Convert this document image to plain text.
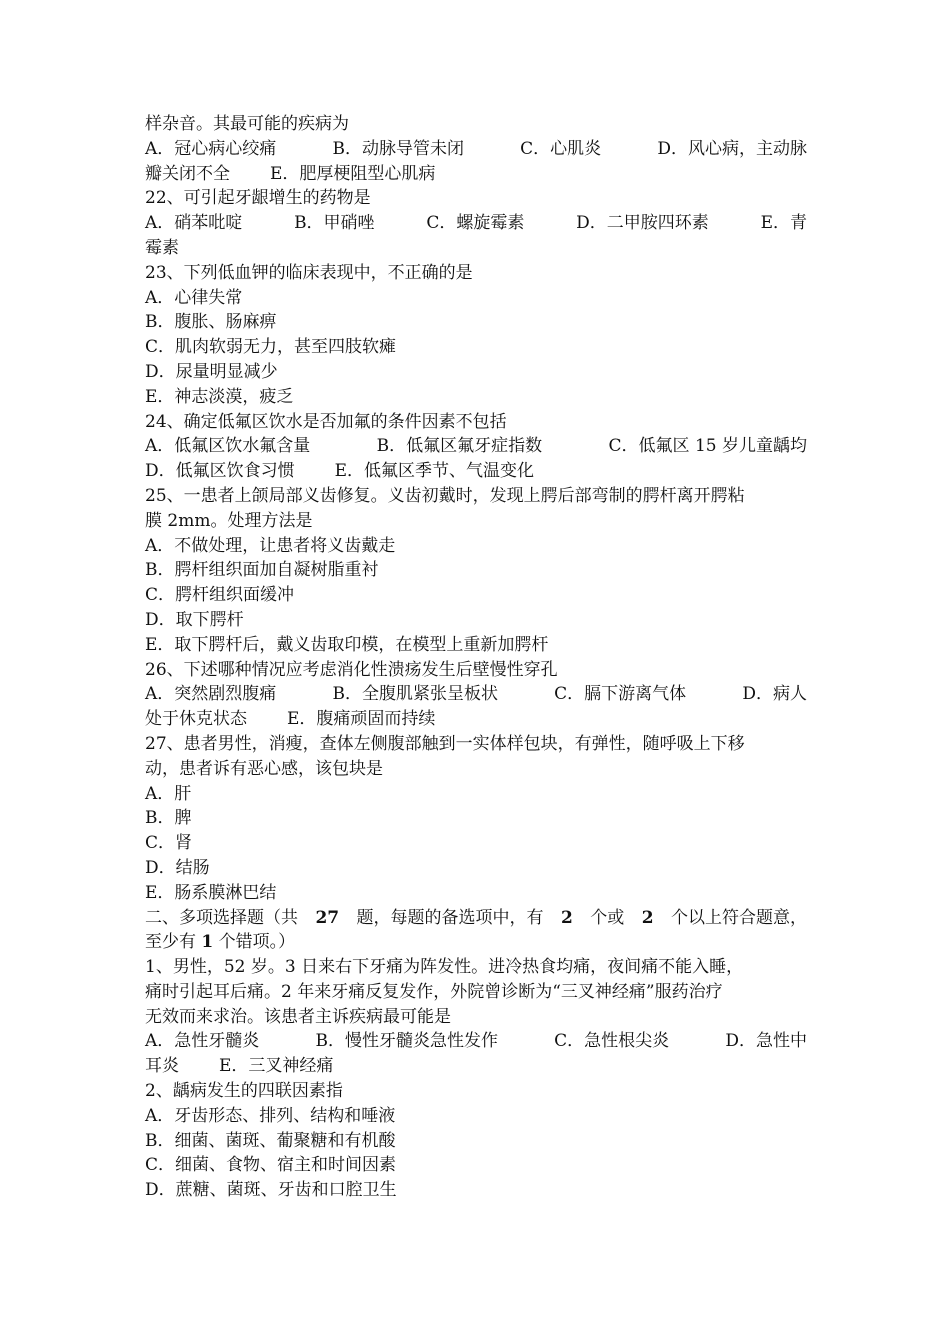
样杂音。其最可能的疾病为
A．冠心病心绞痛	B．动脉导管未闭	C．心肌炎	D．风心病，主动脉
瓣关闭不全 E．肥厚梗阻型心肌病
22、可引起牙龈增生的药物是
A．硝苯吡啶	B．甲硝唑	C．螺旋霉素	D．二甲胺四环素	E．青
霉素
23、下列低血钾的临床表现中，不正确的是
A．心律失常
B．腹胀、肠麻痹
C．肌肉软弱无力，甚至四肢软瘫
D．尿量明显减少
E．神志淡漠，疲乏
24、确定低氟区饮水是否加氟的条件因素不包括
A．低氟区饮水氟含量	B．低氟区氟牙症指数	C．低氟区 15 岁儿童龋均
D．低氟区饮食习惯 E．低氟区季节、气温变化
25、一患者上颌局部义齿修复。义齿初戴时，发现上腭后部弯制的腭杆离开腭粘
膜 2mm。处理方法是
A．不做处理，让患者将义齿戴走
B．腭杆组织面加自凝树脂重衬
C．腭杆组织面缓冲
D．取下腭杆
E．取下腭杆后，戴义齿取印模，在模型上重新加腭杆
26、下述哪种情况应考虑消化性溃疡发生后壁慢性穿孔
A．突然剧烈腹痛	B．全腹肌紧张呈板状	C．膈下游离气体	D．病人
处于休克状态 E．腹痛顽固而持续
27、患者男性，消瘦，查体左侧腹部触到一实体样包块，有弹性，随呼吸上下移
动，患者诉有恶心感，该包块是
A．肝
B．脾
C．肾
D．结肠
E．肠系膜淋巴结
二、多项选择题（共 27 题，每题的备选项中，有 2 个或 2 个以上符合题意，
至少有 1 个错项。）
1、男性，52 岁。3 日来右下牙痛为阵发性。进冷热食均痛，夜间痛不能入睡，
痛时引起耳后痛。2 年来牙痛反复发作，外院曾诊断为“三叉神经痛”服药治疗
无效而来求治。该患者主诉疾病最可能是
A．急性牙髓炎	B．慢性牙髓炎急性发作	C．急性根尖炎	D．急性中
耳炎 E．三叉神经痛
2、龋病发生的四联因素指
A．牙齿形态、排列、结构和唾液
B．细菌、菌斑、葡聚糖和有机酸
C．细菌、食物、宿主和时间因素
D．蔗糖、菌斑、牙齿和口腔卫生
